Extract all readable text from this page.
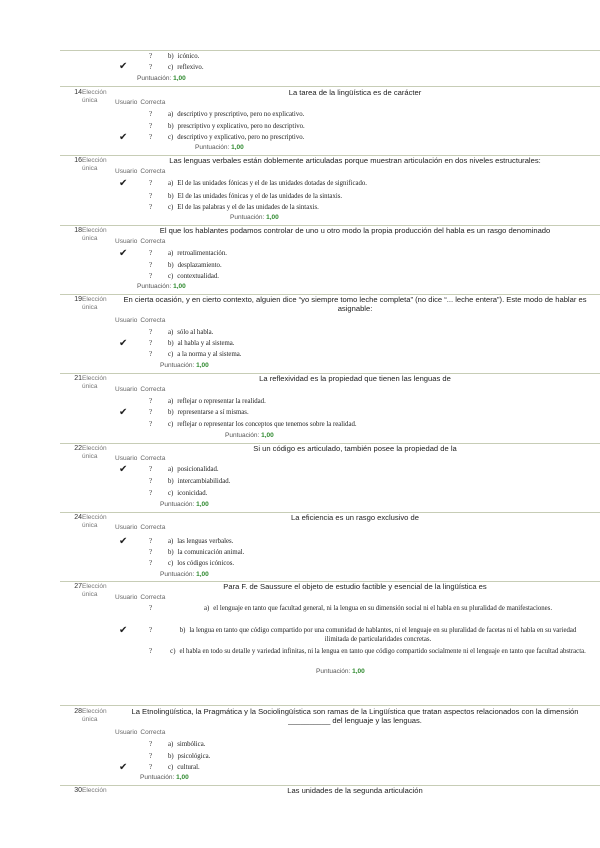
? b) icónico.
✔	? c) reflexivo.
Puntuación: 1,00
14.
Elección única
La tarea de la lingüística es de carácter
Usuario Correcta
? a) descriptivo y prescriptivo, pero no explicativo.
? b) prescriptivo y explicativo, pero no descriptivo.
✔	? c) descriptivo y explicativo, pero no prescriptivo.
Puntuación: 1,00
16.
Elección única
Las lenguas verbales están doblemente articuladas porque muestran articulación en dos niveles estructurales:
Usuario Correcta
✔	? a) El de las unidades fónicas y el de las unidades dotadas de significado.
? b) El de las unidades fónicas y el de las unidades de la sintaxis.
? c) El de las palabras y el de las unidades de la sintaxis.
Puntuación: 1,00
18.
Elección única
El que los hablantes podamos controlar de uno u otro modo la propia producción del habla es un rasgo denominado
Usuario Correcta
✔	? a) retroalimentación.
? b) desplazamiento.
? c) contextualidad.
Puntuación: 1,00
19.
Elección única
En cierta ocasión, y en cierto contexto, alguien dice “yo siempre tomo leche completa” (no dice “... leche entera”). Este modo de hablar es asignable:
Usuario Correcta
? a) sólo al habla.
✔	? b) al habla y al sistema.
? c) a la norma y al sistema.
Puntuación: 1,00
21.
Elección única
La reflexividad es la propiedad que tienen las lenguas de
Usuario Correcta
? a) reflejar o representar la realidad.
✔	? b) representarse a sí mismas.
? c) reflejar o representar los conceptos que tenemos sobre la realidad.
Puntuación: 1,00
22.
Elección única
Si un código es articulado, también posee la propiedad de la
Usuario Correcta
✔	? a) posicionalidad.
? b) intercambiabilidad.
? c) iconicidad.
Puntuación: 1,00
24.
Elección única
La eficiencia es un rasgo exclusivo de
Usuario Correcta
✔	? a) las lenguas verbales.
? b) la comunicación animal.
? c) los códigos icónicos.
Puntuación: 1,00
27.
Elección única
Para F. de Saussure el objeto de estudio factible y esencial de la lingüística es
Usuario Correcta
?	a) el lenguaje en tanto que facultad general, ni la lengua en su dimensión social ni el habla en su pluralidad de manifestaciones.
✔	?	b) la lengua en tanto que código compartido por una comunidad de hablantes, ni el lenguaje en su pluralidad de facetas ni el habla en su variedad ilimitada de particularidades concretas.
?	c) el habla en todo su detalle y variedad infinitas, ni la lengua en tanto que código compartido socialmente ni el lenguaje en tanto que facultad abstracta.
Puntuación: 1,00
28.
Elección única
La Etnolingüística, la Pragmática y la Sociolingüística son ramas de la Lingüística que tratan aspectos relacionados con la dimensión __________ del lenguaje y las lenguas.
Usuario Correcta
? a) simbólica.
? b) psicológica.
✔	? c) cultural.
Puntuación: 1,00
30.
Elección	Las unidades de la segunda articulación
